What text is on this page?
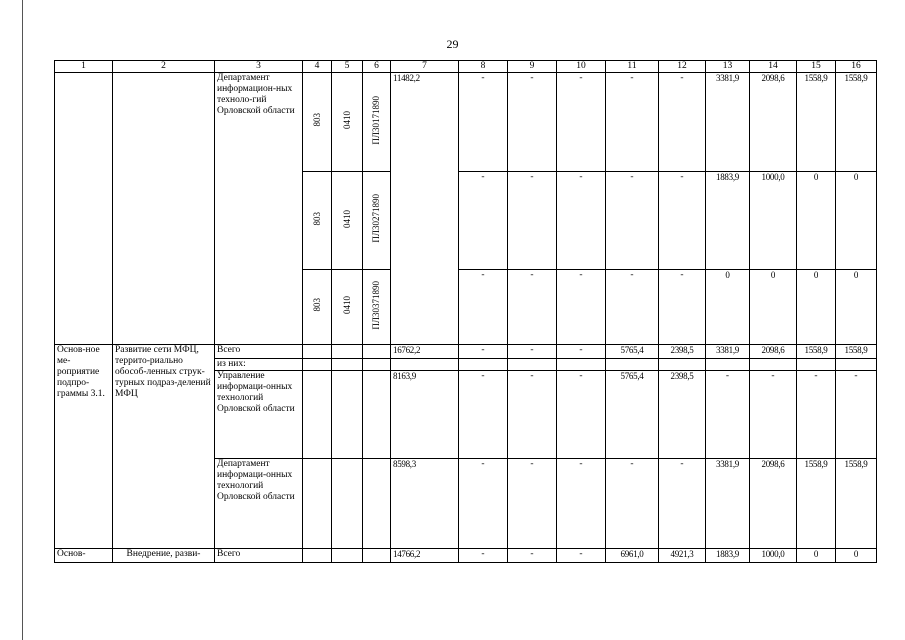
29
1	2	3	4	5	6	7	8	9	10	11	12	13	14	15	16
		Департамент информацион-ных техноло-гий Орловской области	803	0410	ПЛ30171890	11482,2	-	-	-	-	-	3381,9	2098,6	1558,9	1558,9
			803	0410	ПЛ30271890		-	-	-	-	-	1883,9	1000,0	0	0
			803	0410	ПЛ30371890		-	-	-	-	-	0	0	0	0
Основ-ное ме-роприятие подпро-граммы 3.1.	Развитие сети МФЦ, террито-риально обособ-ленных струк-турных подраз-делений МФЦ	Всего				16762,2	-	-	-	5765,4	2398,5	3381,9	2098,6	1558,9	1558,9
		из них:													
		Управление информаци-онных технологий Орловской области				8163,9	-	-	-	5765,4	2398,5	-	-	-	-
		Департамент информаци-онных технологий Орловской области				8598,3	-	-	-	-	-	3381,9	2098,6	1558,9	1558,9
Основ-	Внедрение, разви-	Всего				14766,2	-	-	-	6961,0	4921,3	1883,9	1000,0	0	0
